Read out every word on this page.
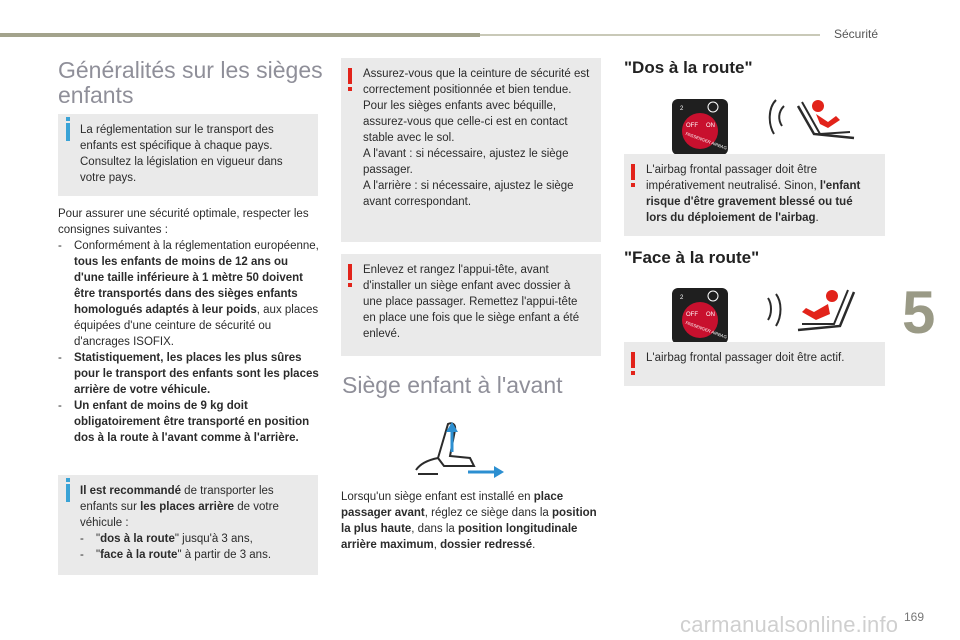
Sécurité
5
169
carmanualsonline.info
Généralités sur les sièges enfants
La réglementation sur le transport des enfants est spécifique à chaque pays. Consultez la législation en vigueur dans votre pays.

Pour assurer une sécurité optimale, respecter les consignes suivantes :

- Conformément à la réglementation européenne, tous les enfants de moins de 12 ans ou d'une taille inférieure à 1 mètre 50 doivent être transportés dans des sièges enfants homologués adaptés à leur poids, aux places équipées d'une ceinture de sécurité ou d'ancrages ISOFIX.
- Statistiquement, les places les plus sûres pour le transport des enfants sont les places arrière de votre véhicule.
- Un enfant de moins de 9 kg doit obligatoirement être transporté en position dos à la route à l'avant comme à l'arrière.

Il est recommandé de transporter les enfants sur les places arrière de votre véhicule :

- "dos à la route" jusqu'à 3 ans,
- "face à la route" à partir de 3 ans.

Assurez-vous que la ceinture de sécurité est correctement positionnée et bien tendue.

Pour les sièges enfants avec béquille, assurez-vous que celle-ci est en contact stable avec le sol.

A l'avant : si nécessaire, ajustez le siège passager.

A l'arrière : si nécessaire, ajustez le siège avant correspondant.

Enlevez et rangez l'appui-tête, avant d'installer un siège enfant avec dossier à une place passager. Remettez l'appui-tête en place une fois que le siège enfant a été enlevé.
Siège enfant à l'avant
Lorsqu'un siège enfant est installé en place passager avant, réglez ce siège dans la position la plus haute, dans la position longitudinale arrière maximum, dossier redressé.
"Dos à la route"
2
OFF ON
PASSENGER AIRBAG
L'airbag frontal passager doit être impérativement neutralisé. Sinon, l'enfant risque d'être gravement blessé ou tué lors du déploiement de l'airbag.
"Face à la route"
2
OFF ON
PASSENGER AIRBAG
L'airbag frontal passager doit être actif.
